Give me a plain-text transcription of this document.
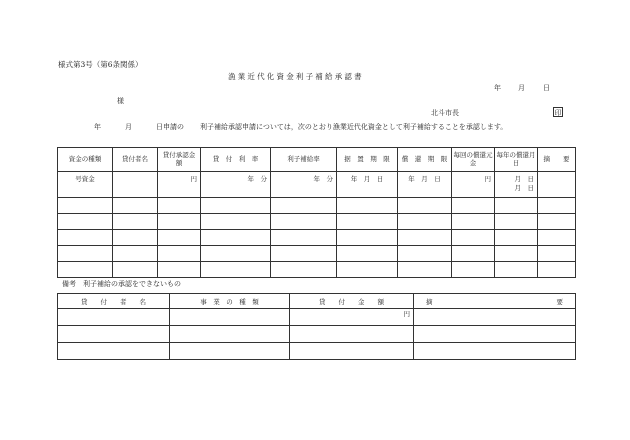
様式第3号（第6条関係）
漁業近代化資金利子補給承認書
年 月	日
様
北斗市長	印
年	月	日申請の 利子補給承認申請については，次のとおり漁業近代化資金として利子補給することを承認します。
資金の種類	貸付者名	貸付承認金　　額	貸　付　利　率	利子補給率	据　置　期　限	償　還　期　限	毎回の償還元金	毎年の償還月日	摘　　要
号資金		円	年　分	年　分	年　月　日	年　月　日	円	月　日
月　日	

備考　利子補給の承認をできないもの
貸　　付　　者　　名	事　業　の　種　類	貸　　付　　金　　額	摘 要

		円	
